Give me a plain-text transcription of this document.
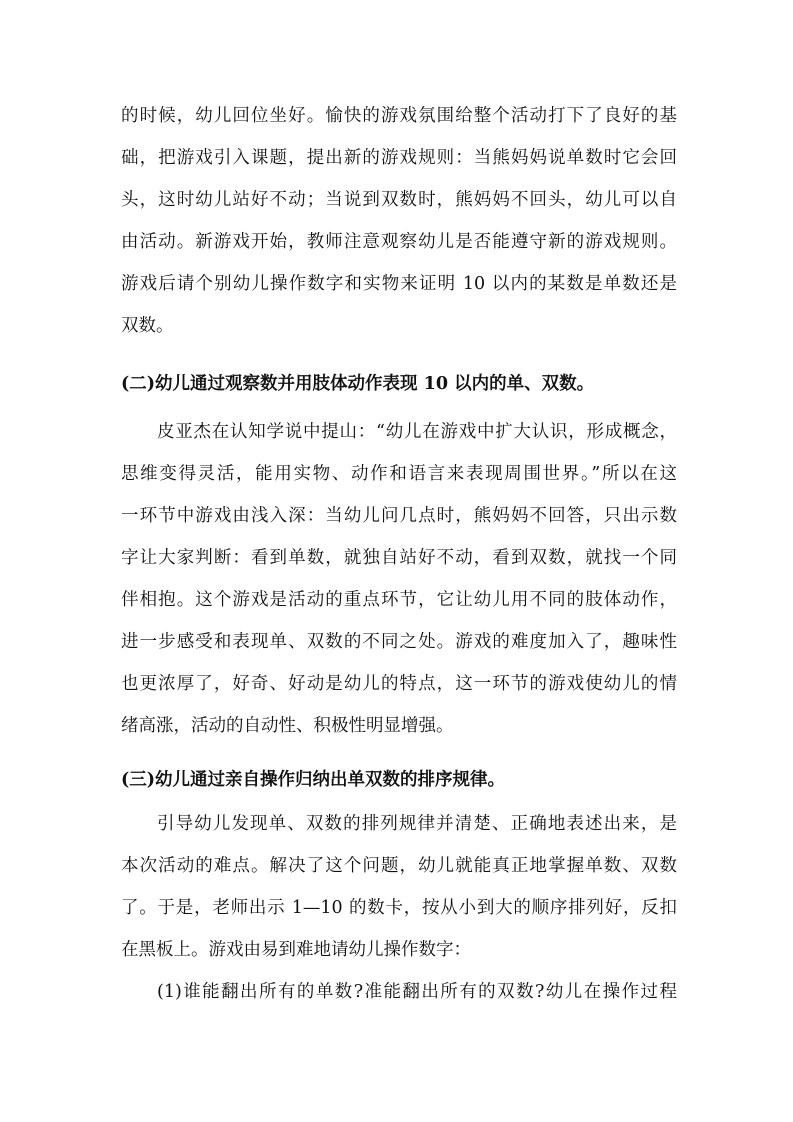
的时候，幼儿回位坐好。愉快的游戏氛围给整个活动打下了良好的基
础，把游戏引入课题，提出新的游戏规则：当熊妈妈说单数时它会回
头，这时幼儿站好不动；当说到双数时，熊妈妈不回头，幼儿可以自
由活动。新游戏开始，教师注意观察幼儿是否能遵守新的游戏规则。
游戏后请个别幼儿操作数字和实物来证明 10 以内的某数是单数还是
双数。
(二)幼儿通过观察数并用肢体动作表现 10 以内的单、双数。
皮亚杰在认知学说中提山：“幼儿在游戏中扩大认识，形成概念，
思维变得灵活，能用实物、动作和语言来表现周围世界。”所以在这
一环节中游戏由浅入深：当幼儿问几点时，熊妈妈不回答，只出示数
字让大家判断：看到单数，就独自站好不动，看到双数，就找一个同
伴相抱。这个游戏是活动的重点环节，它让幼儿用不同的肢体动作，
进一步感受和表现单、双数的不同之处。游戏的难度加入了，趣味性
也更浓厚了，好奇、好动是幼儿的特点，这一环节的游戏使幼儿的情
绪高涨，活动的自动性、积极性明显增强。
(三)幼儿通过亲自操作归纳出单双数的排序规律。
引导幼儿发现单、双数的排列规律并清楚、正确地表述出来，是
本次活动的难点。解决了这个问题，幼儿就能真正地掌握单数、双数
了。于是，老师出示 1—10 的数卡，按从小到大的顺序排列好，反扣
在黑板上。游戏由易到难地请幼儿操作数字：
(1)谁能翻出所有的单数?准能翻出所有的双数?幼儿在操作过程
